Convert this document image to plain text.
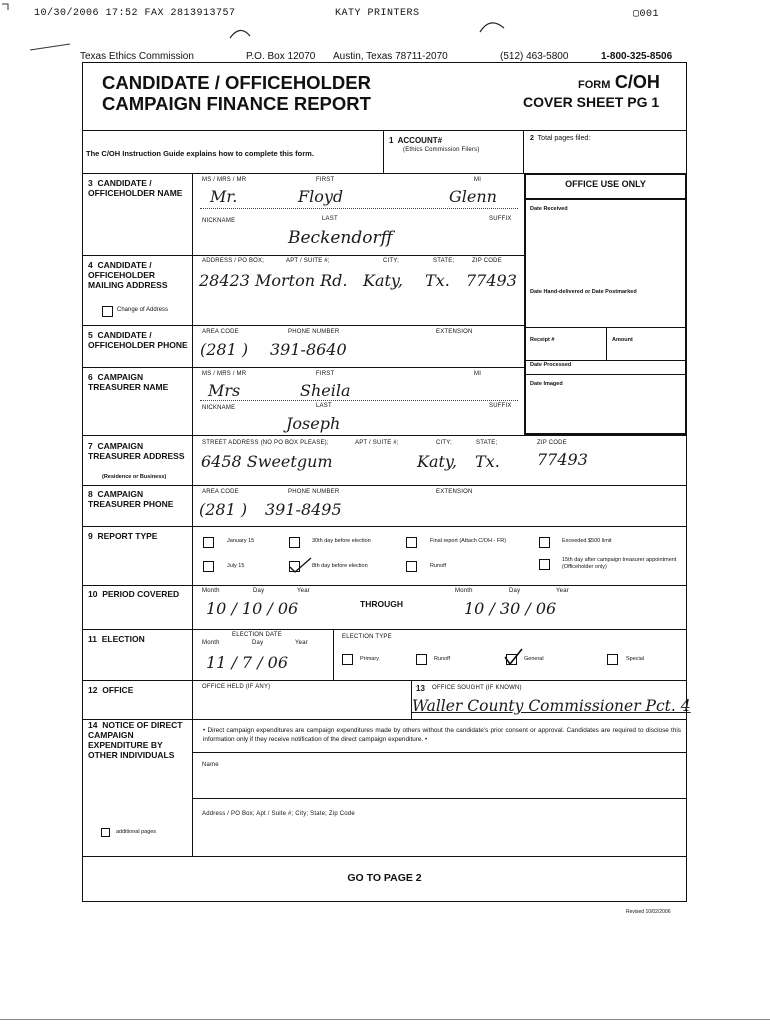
10/30/2006 17:52 FAX 2813913757	KATY PRINTERS	▢001
Texas Ethics Commission	P.O. Box 12070 Austin, Texas 78711-2070	(512) 463-5800	1-800-325-8506
CANDIDATE / OFFICEHOLDER
CAMPAIGN FINANCE REPORT
FORM C/OH
COVER SHEET PG 1
The C/OH Instruction Guide explains how to complete this form.
1 ACCOUNT#
(Ethics Commission Filers)
2 Total pages filed:
OFFICE USE ONLY
Date Received
Date Hand-delivered or Date Postmarked
Receipt #	Amount
Date Processed
Date Imaged
3 CANDIDATE / OFFICEHOLDER NAME
MS / MRS / MR	FIRST	MI
Mr.	Floyd	Glenn
NICKNAME	LAST	SUFFIX
Beckendorff
4 CANDIDATE / OFFICEHOLDER MAILING ADDRESS
Change of Address
ADDRESS / PO BOX;	APT / SUITE #;	CITY;	STATE;	ZIP CODE
28423 Morton Rd. Katy, Tx. 77493
5 CANDIDATE / OFFICEHOLDER PHONE
AREA CODE	PHONE NUMBER	EXTENSION
(281 ) 391-8640
6 CAMPAIGN TREASURER NAME
MS / MRS / MR	FIRST	MI
Mrs	Sheila
NICKNAME	LAST	SUFFIX
Joseph
7 CAMPAIGN TREASURER ADDRESS
(Residence or Business)
STREET ADDRESS (NO PO BOX PLEASE);	APT / SUITE #;	CITY;	STATE;	ZIP CODE
6458 Sweetgum	Katy, Tx. 77493
8 CAMPAIGN TREASURER PHONE
AREA CODE	PHONE NUMBER	EXTENSION
(281 ) 391-8495
9 REPORT TYPE	January 15	30th day before election	Final report (Attach C/OH - FR)	Exceeded $500 limit
July 15	8th day before election	Runoff
15th day after campaign treasurer appointment (Officeholder only)
10 PERIOD COVERED	Month	Day	Year	Month	Day	Year
10 / 10 / 06	THROUGH	10 / 30 / 06
11 ELECTION	ELECTION DATE
Month	Day	Year
ELECTION TYPE
11 / 7 / 06	Primary	Runoff	General	Special
12 OFFICE	OFFICE HELD (IF ANY)	13 OFFICE SOUGHT (IF KNOWN)
Waller County Commissioner Pct. 4
14 NOTICE OF DIRECT CAMPAIGN EXPENDITURE BY OTHER INDIVIDUALS
• Direct campaign expenditures are campaign expenditures made by others without the candidate's prior consent or approval. Candidates are required to disclose this information only if they receive notification of the direct campaign expenditure. •
Name
Address / PO Box; Apt / Suite #; City; State; Zip Code
additional pages
GO TO PAGE 2
Revised 10/02/2006
